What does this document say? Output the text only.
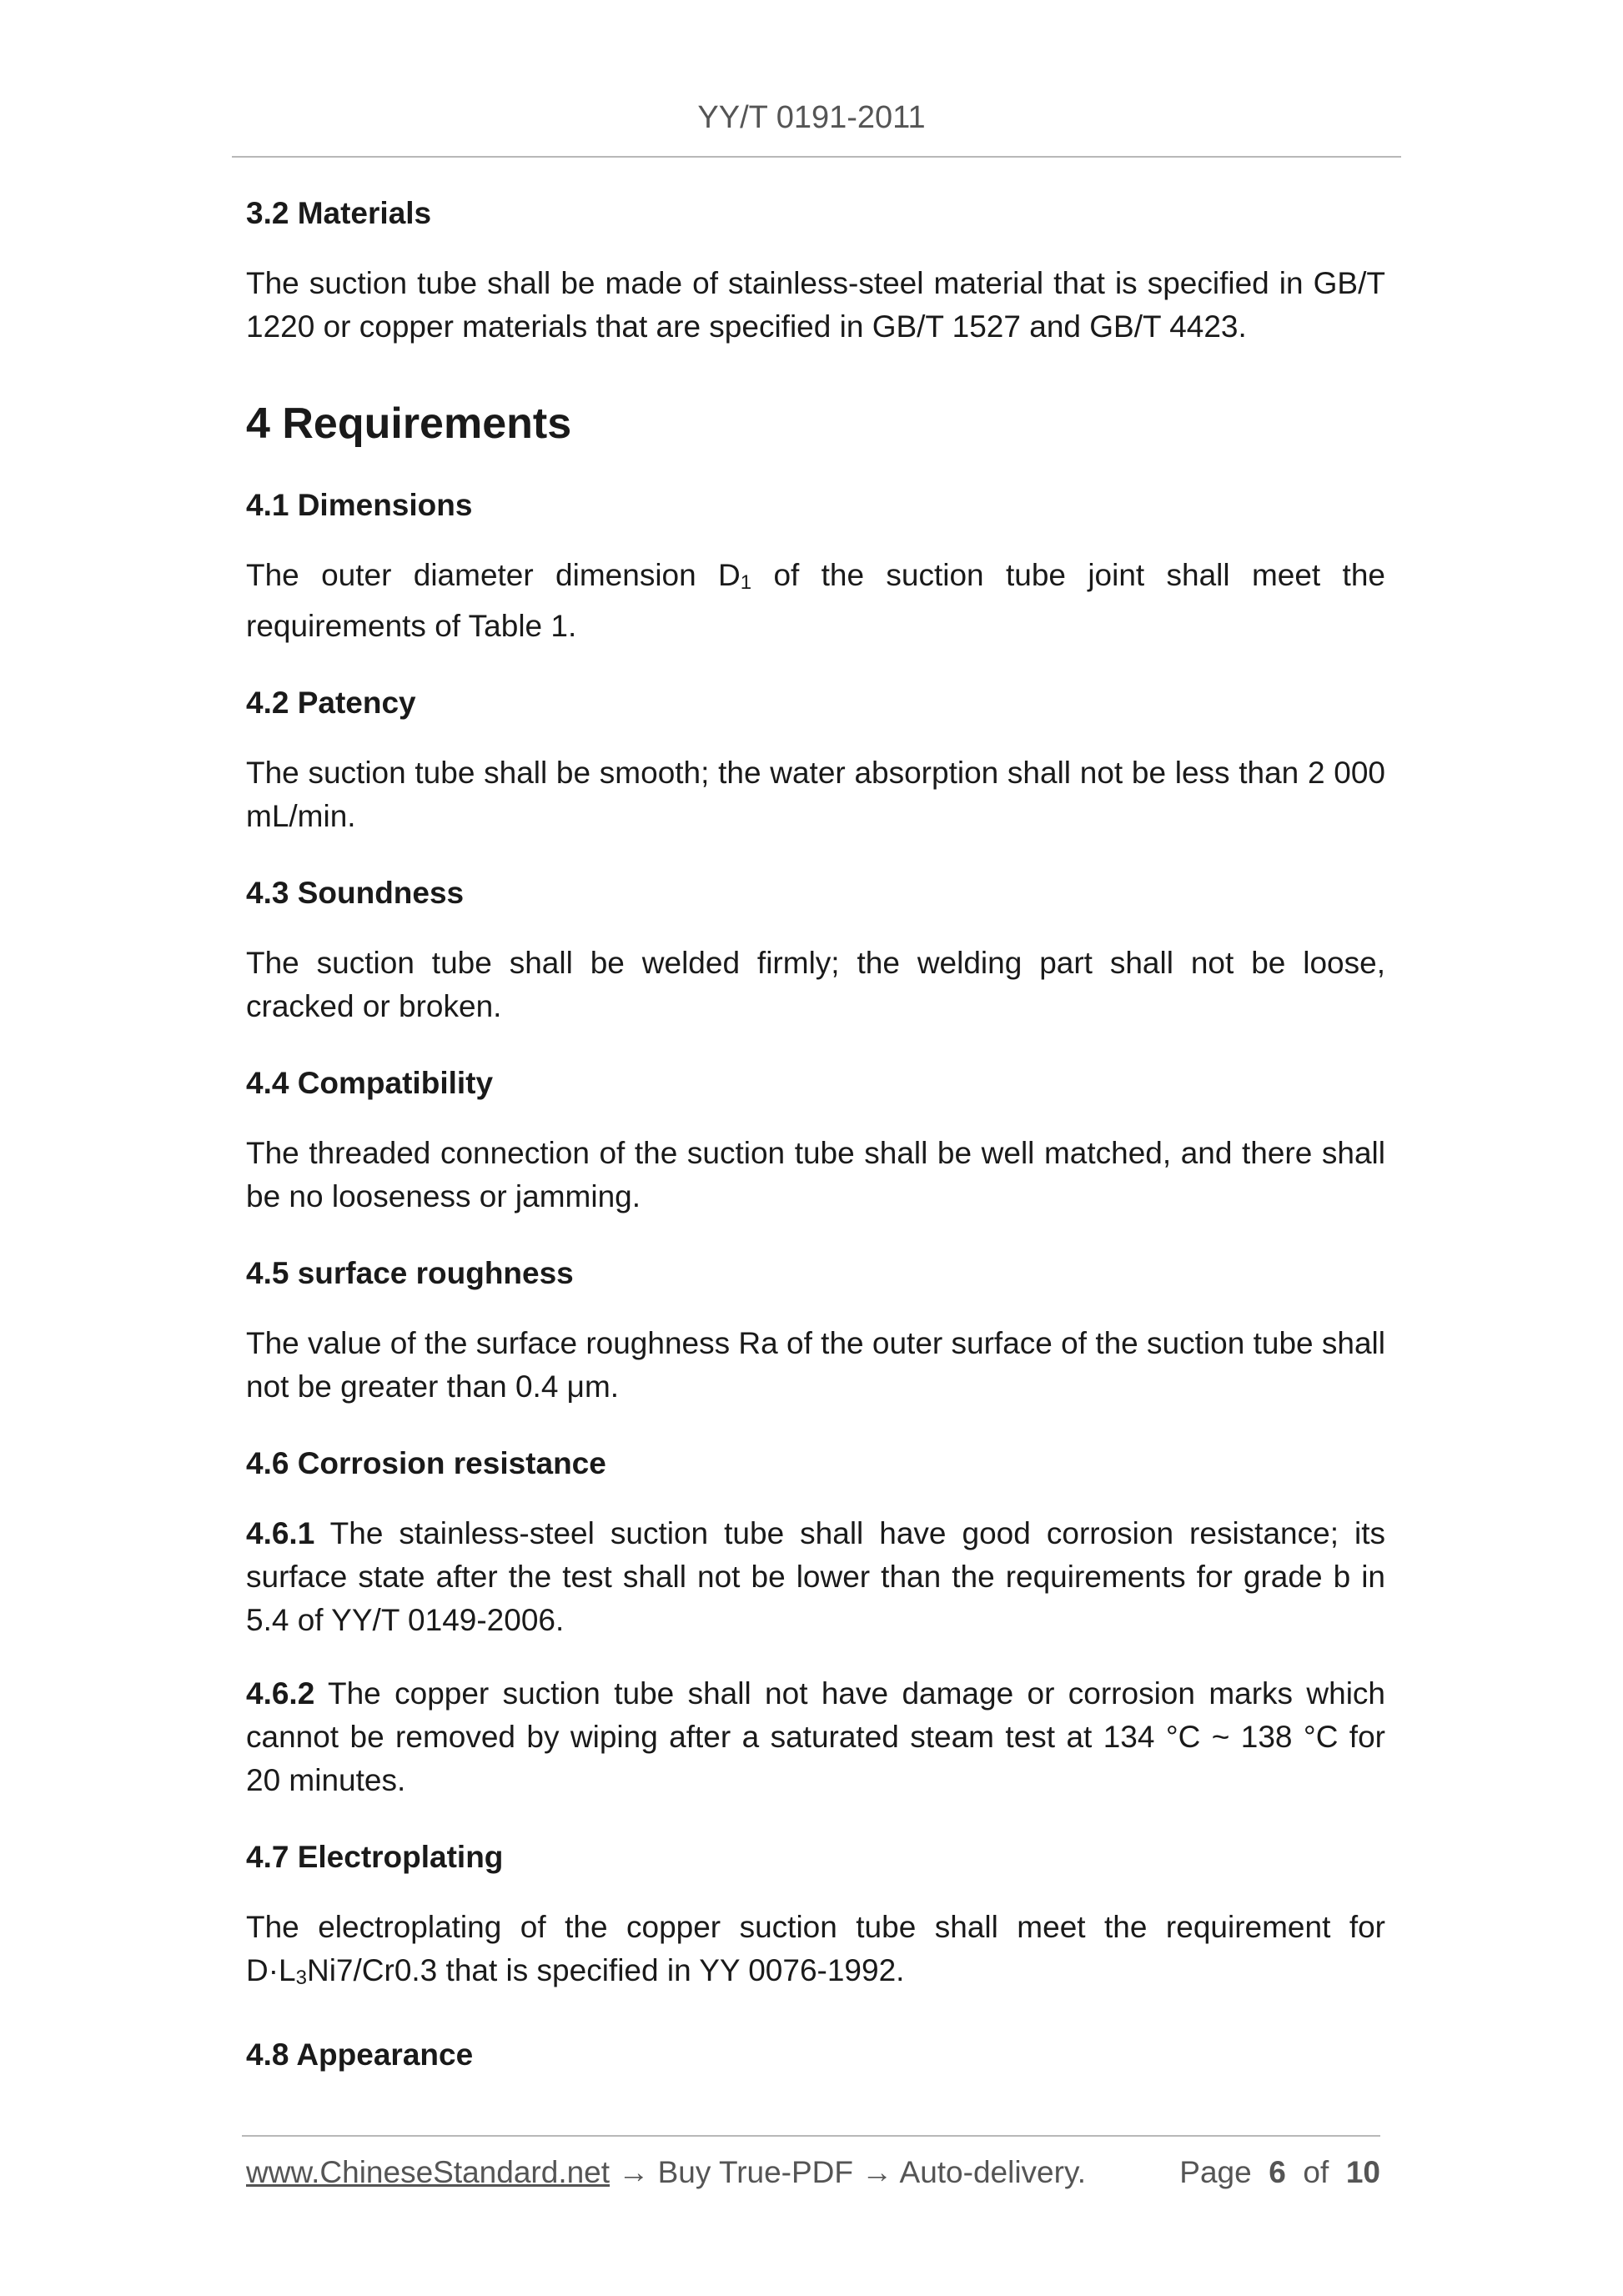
YY/T 0191-2011
3.2 Materials

The suction tube shall be made of stainless-steel material that is specified in GB/T 1220 or copper materials that are specified in GB/T 1527 and GB/T 4423.

4 Requirements
4.1 Dimensions

The outer diameter dimension $D_1$ of the suction tube joint shall meet the requirements of Table 1.

4.2 Patency

The suction tube shall be smooth; the water absorption shall not be less than 2 000 mL/min.

4.3 Soundness

The suction tube shall be welded firmly; the welding part shall not be loose, cracked or broken.

4.4 Compatibility

The threaded connection of the suction tube shall be well matched, and there shall be no looseness or jamming.

4.5 surface roughness

The value of the surface roughness Ra of the outer surface of the suction tube shall not be greater than 0.4 μm.

4.6 Corrosion resistance

4.6.1 The stainless-steel suction tube shall have good corrosion resistance; its surface state after the test shall not be lower than the requirements for grade b in 5.4 of YY/T 0149-2006.

4.6.2 The copper suction tube shall not have damage or corrosion marks which cannot be removed by wiping after a saturated steam test at 134 °C ~ 138 °C for 20 minutes.

4.7 Electroplating

The electroplating of the copper suction tube shall meet the requirement for $D\cdot L_3Ni7/Cr0.3$ that is specified in YY 0076-1992.

4.8 Appearance
www.ChineseStandard.net → Buy True-PDF → Auto-delivery.	Page 6 of 10
